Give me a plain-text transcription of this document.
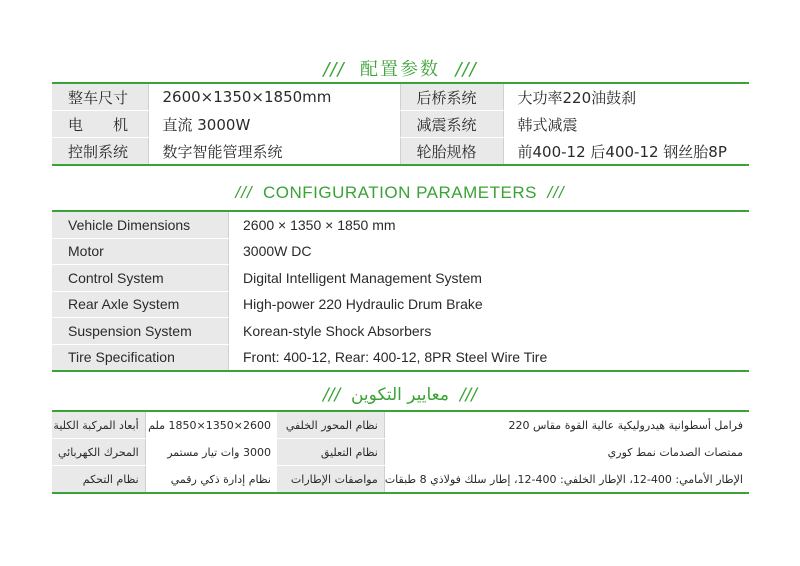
/// 配置参数 ///
整车尺寸	2600×1350×1850mm	后桥系统	大功率220油鼓刹
电　　机	直流 3000W	减震系统	韩式减震
控制系统	数字智能管理系统	轮胎规格	前400-12 后400-12 钢丝胎8P
/// CONFIGURATION PARAMETERS ///
Vehicle Dimensions	2600 × 1350 × 1850 mm
Motor	3000W DC
Control System	Digital Intelligent Management System
Rear Axle System	High-power 220 Hydraulic Drum Brake
Suspension System	Korean-style Shock Absorbers
Tire Specification	Front: 400-12, Rear: 400-12, 8PR Steel Wire Tire
/// معايير التكوين ///
أبعاد المركبة الكلية	2600×1350×1850 ملم	نظام المحور الخلفي	فرامل أسطوانية هيدروليكية عالية القوة مقاس 220
المحرك الكهربائي	3000 وات تيار مستمر	نظام التعليق	ممتصات الصدمات نمط كوري
نظام التحكم	نظام إدارة ذكي رقمي	مواصفات الإطارات	الإطار الأمامي: 400-12، الإطار الخلفي: 400-12، إطار سلك فولاذي 8 طبقات
